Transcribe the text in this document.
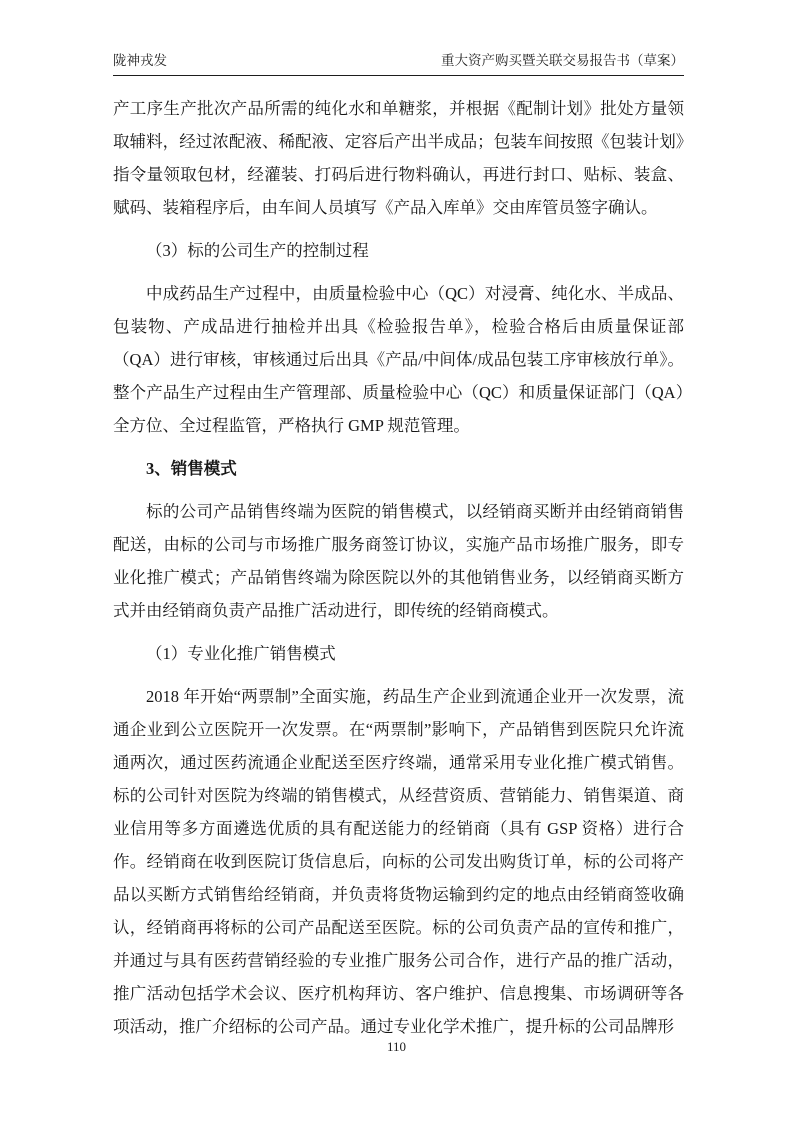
陇神戎发	重大资产购买暨关联交易报告书（草案）

产工序生产批次产品所需的纯化水和单糖浆，并根据《配制计划》批处方量领取辅料，经过浓配液、稀配液、定容后产出半成品；包装车间按照《包装计划》指令量领取包材，经灌装、打码后进行物料确认，再进行封口、贴标、装盒、赋码、装箱程序后，由车间人员填写《产品入库单》交由库管员签字确认。

（3）标的公司生产的控制过程

中成药品生产过程中，由质量检验中心（QC）对浸膏、纯化水、半成品、包装物、产成品进行抽检并出具《检验报告单》，检验合格后由质量保证部（QA）进行审核，审核通过后出具《产品/中间体/成品包装工序审核放行单》。整个产品生产过程由生产管理部、质量检验中心（QC）和质量保证部门（QA）全方位、全过程监管，严格执行 GMP 规范管理。

3、销售模式

标的公司产品销售终端为医院的销售模式，以经销商买断并由经销商销售配送，由标的公司与市场推广服务商签订协议，实施产品市场推广服务，即专业化推广模式；产品销售终端为除医院以外的其他销售业务，以经销商买断方式并由经销商负责产品推广活动进行，即传统的经销商模式。

（1）专业化推广销售模式

2018 年开始“两票制”全面实施，药品生产企业到流通企业开一次发票，流通企业到公立医院开一次发票。在“两票制”影响下，产品销售到医院只允许流通两次，通过医药流通企业配送至医疗终端，通常采用专业化推广模式销售。标的公司针对医院为终端的销售模式，从经营资质、营销能力、销售渠道、商业信用等多方面遴选优质的具有配送能力的经销商（具有 GSP 资格）进行合作。经销商在收到医院订货信息后，向标的公司发出购货订单，标的公司将产品以买断方式销售给经销商，并负责将货物运输到约定的地点由经销商签收确认，经销商再将标的公司产品配送至医院。标的公司负责产品的宣传和推广，并通过与具有医药营销经验的专业推广服务公司合作，进行产品的推广活动，推广活动包括学术会议、医疗机构拜访、客户维护、信息搜集、市场调研等各项活动，推广介绍标的公司产品。通过专业化学术推广，提升标的公司品牌形

110
